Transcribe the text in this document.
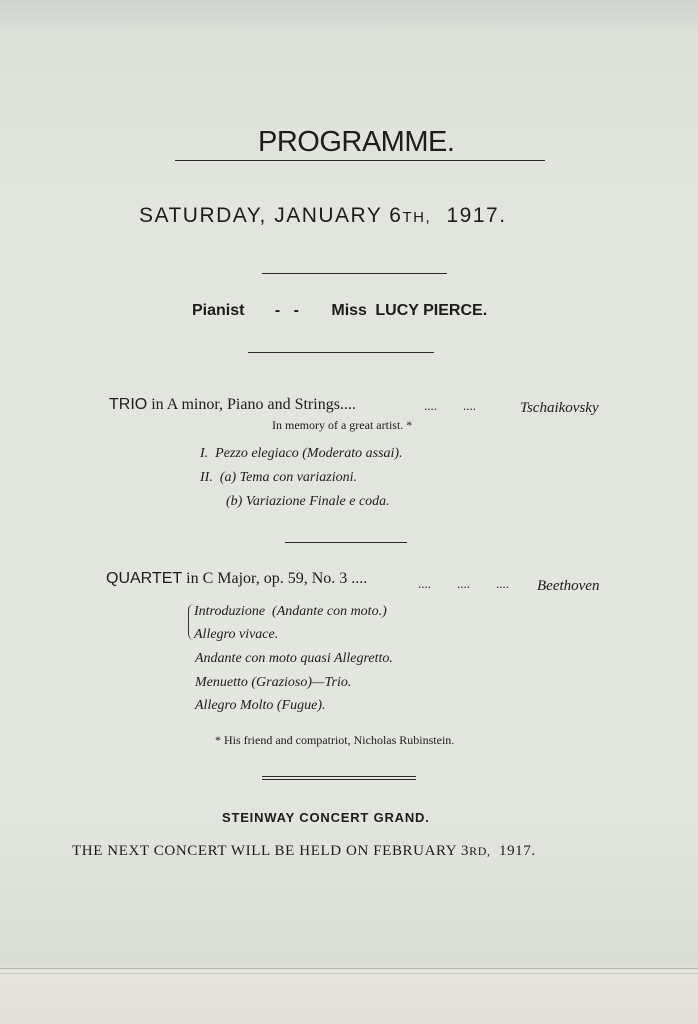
PROGRAMME.
SATURDAY, JANUARY 6TH, 1917.
Pianist -   - Miss LUCY PIERCE.
TRIO in A minor, Piano and Strings....	....        ....	Tschaikovsky
In memory of a great artist. *
I.  Pezzo elegiaco (Moderato assai).
II.  (a) Tema con variazioni.
(b) Variazione Finale e coda.
QUARTET in C Major, op. 59, No. 3 ....	....        ....        .... Beethoven
Introduzione  (Andante con moto.)
Allegro vivace.
Andante con moto quasi Allegretto.
Menuetto (Grazioso)—Trio.
Allegro Molto (Fugue).
* His friend and compatriot, Nicholas Rubinstein.
STEINWAY CONCERT GRAND.
THE NEXT CONCERT WILL BE HELD ON FEBRUARY 3RD, 1917.
